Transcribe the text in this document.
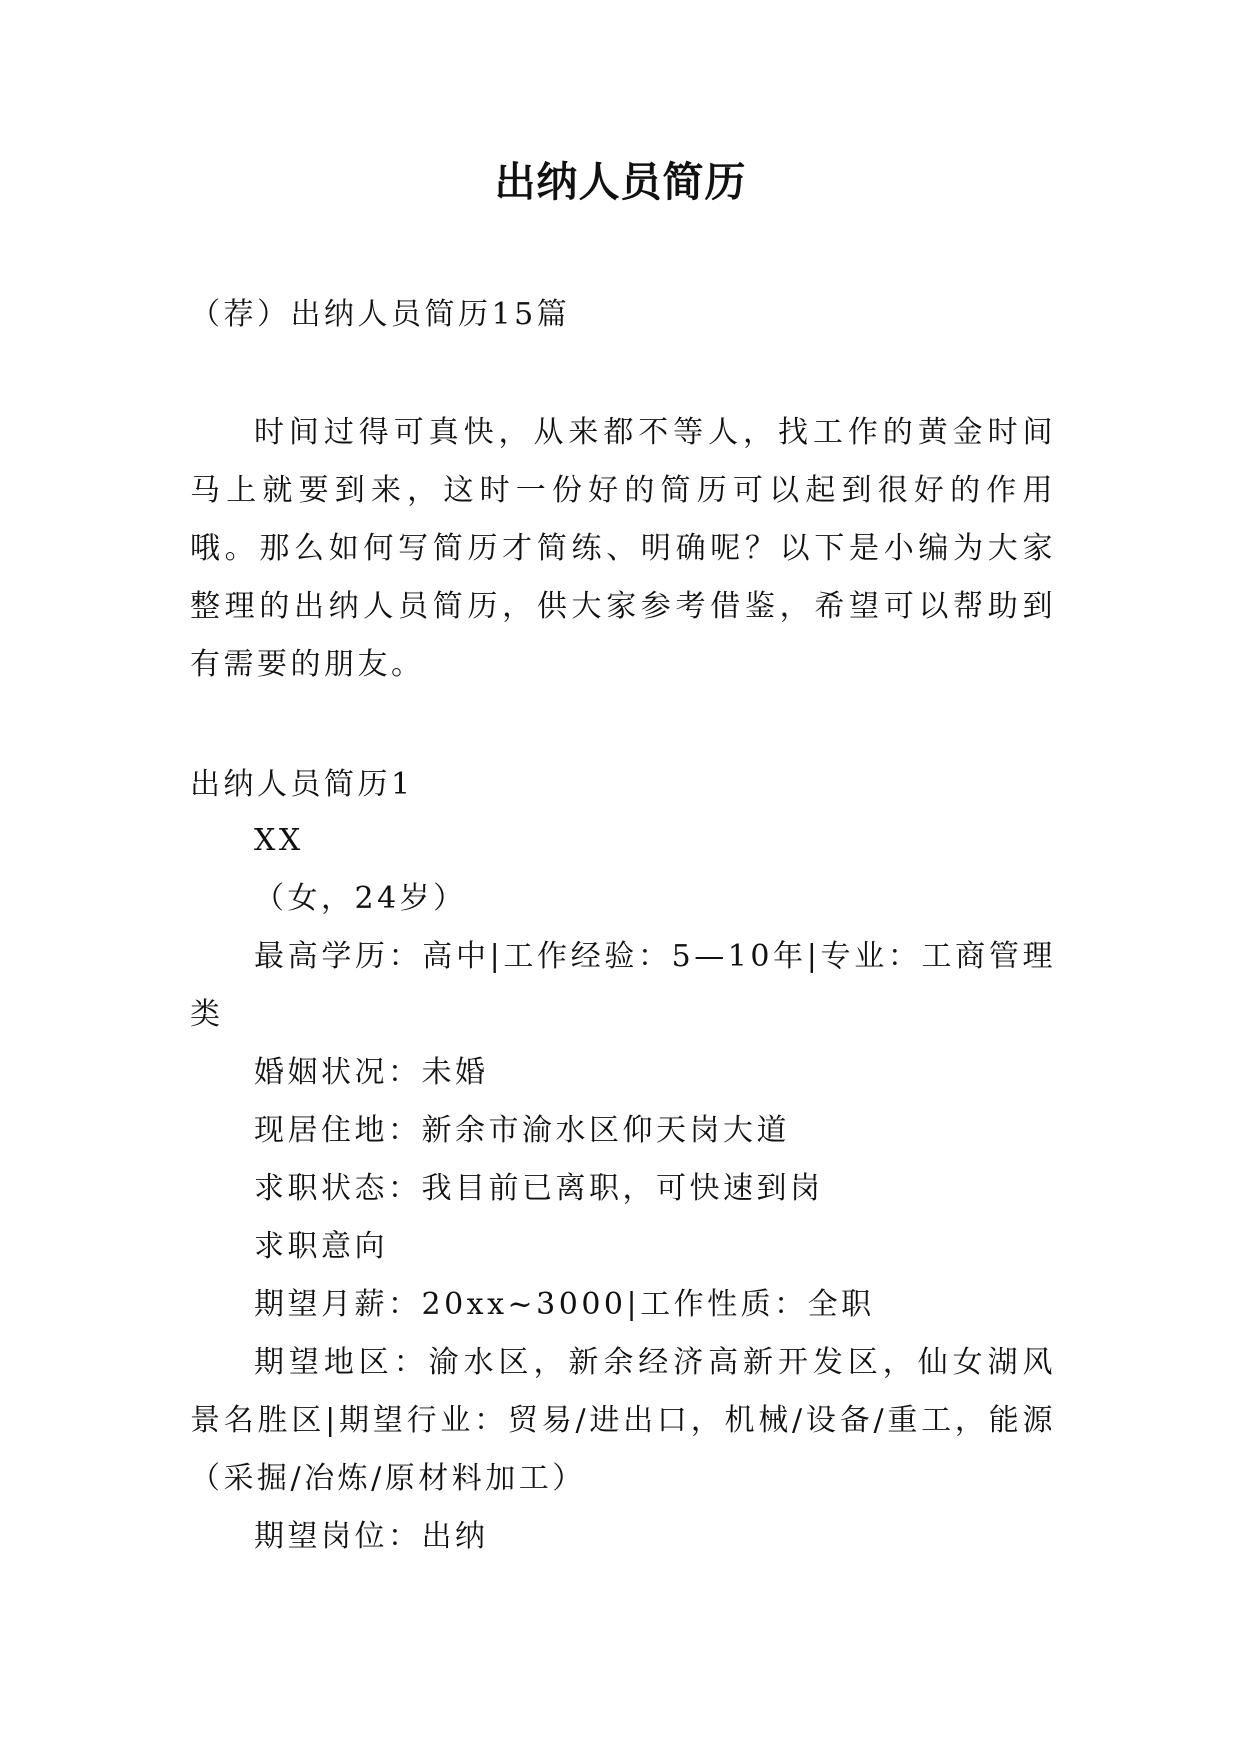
出纳人员简历

（荐）出纳人员简历15篇

时间过得可真快，从来都不等人，找工作的黄金时间马上就要到来，这时一份好的简历可以起到很好的作用哦。那么如何写简历才简练、明确呢？以下是小编为大家整理的出纳人员简历，供大家参考借鉴，希望可以帮助到有需要的朋友。

出纳人员简历1

XX

（女，24岁）

最高学历：高中|工作经验：5—10年|专业：工商管理类

婚姻状况：未婚

现居住地：新余市渝水区仰天岗大道

求职状态：我目前已离职，可快速到岗

求职意向

期望月薪：20xx~3000|工作性质：全职

期望地区：渝水区，新余经济高新开发区，仙女湖风景名胜区|期望行业：贸易/进出口，机械/设备/重工，能源（采掘/冶炼/原材料加工）

期望岗位：出纳
